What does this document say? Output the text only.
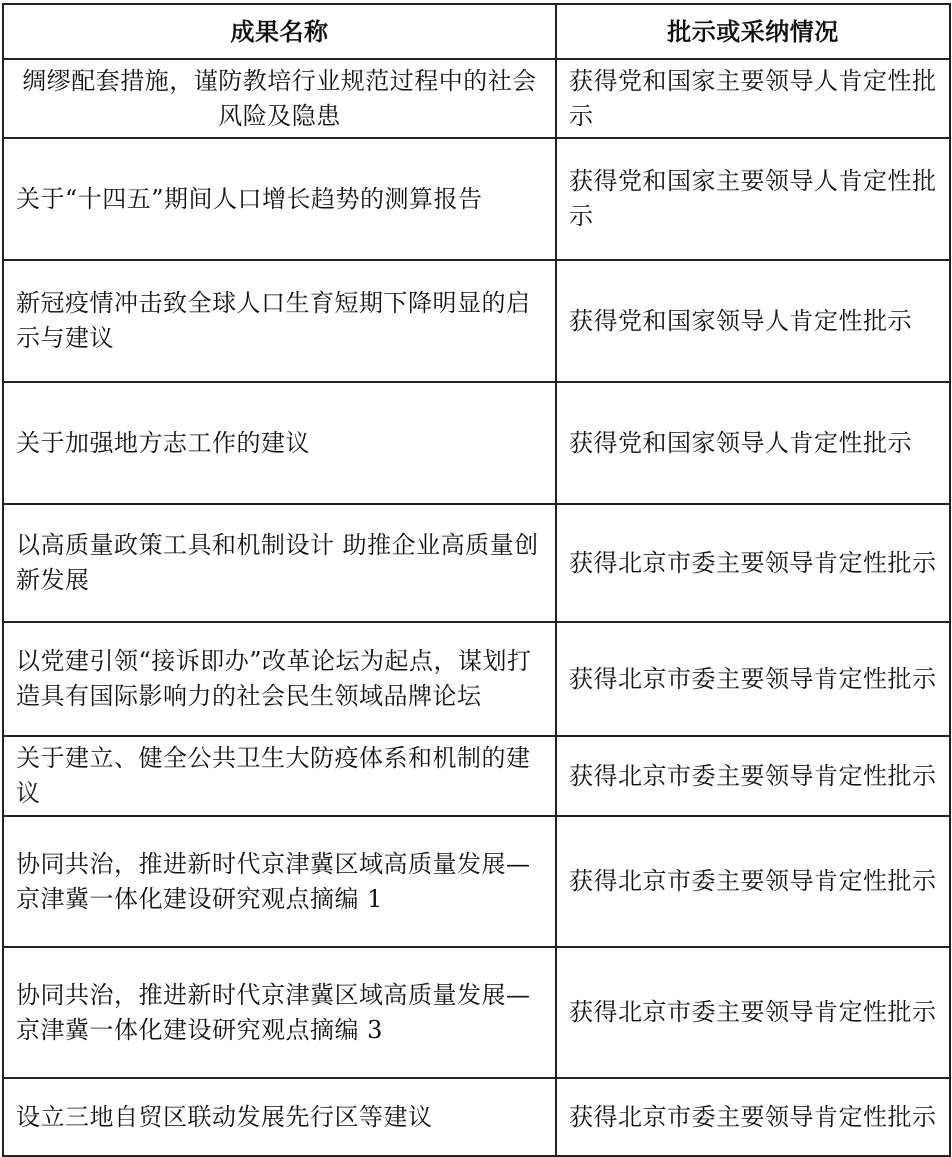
成果名称	批示或采纳情况
绸缪配套措施，谨防教培行业规范过程中的社会风险及隐患	获得党和国家主要领导人肯定性批示
关于“十四五”期间人口增长趋势的测算报告	获得党和国家主要领导人肯定性批示
新冠疫情冲击致全球人口生育短期下降明显的启示与建议	获得党和国家领导人肯定性批示
关于加强地方志工作的建议	获得党和国家领导人肯定性批示
以高质量政策工具和机制设计 助推企业高质量创新发展	获得北京市委主要领导肯定性批示
以党建引领“接诉即办”改革论坛为起点，谋划打造具有国际影响力的社会民生领域品牌论坛	获得北京市委主要领导肯定性批示
关于建立、健全公共卫生大防疫体系和机制的建议	获得北京市委主要领导肯定性批示
协同共治，推进新时代京津冀区域高质量发展—京津冀一体化建设研究观点摘编 1	获得北京市委主要领导肯定性批示
协同共治，推进新时代京津冀区域高质量发展—京津冀一体化建设研究观点摘编 3	获得北京市委主要领导肯定性批示
设立三地自贸区联动发展先行区等建议	获得北京市委主要领导肯定性批示
